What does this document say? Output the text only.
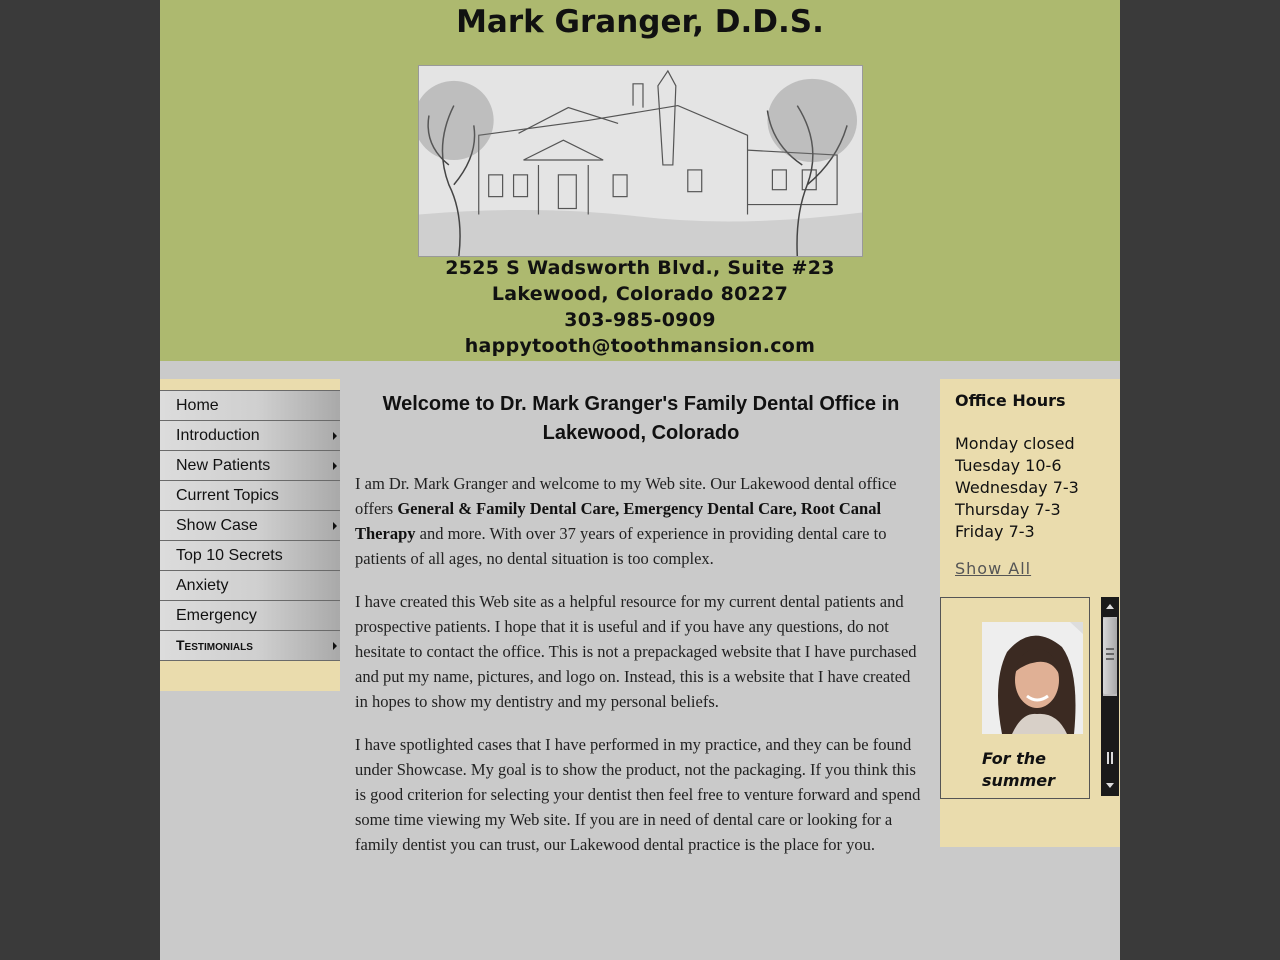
Mark Granger, D.D.S.
2525 S Wadsworth Blvd., Suite #23
Lakewood, Colorado 80227
303-985-0909
happytooth@toothmansion.com
Home
Introduction
New Patients
Current Topics
Show Case
Top 10 Secrets
Anxiety
Emergency
Testimonials
Welcome to Dr. Mark Granger's Family Dental Office in Lakewood, Colorado

I am Dr. Mark Granger and welcome to my Web site. Our Lakewood dental office offers General & Family Dental Care, Emergency Dental Care, Root Canal Therapy and more. With over 37 years of experience in providing dental care to patients of all ages, no dental situation is too complex.

I have created this Web site as a helpful resource for my current dental patients and prospective patients. I hope that it is useful and if you have any questions, do not hesitate to contact the office. This is not a prepackaged website that I have purchased and put my name, pictures, and logo on. Instead, this is a website that I have created in hopes to show my dentistry and my personal beliefs.

I have spotlighted cases that I have performed in my practice, and they can be found under Showcase. My goal is to show the product, not the packaging. If you think this is good criterion for selecting your dentist then feel free to venture forward and spend some time viewing my Web site. If you are in need of dental care or looking for a family dentist you can trust, our Lakewood dental practice is the place for you.

Office Hours
Monday closed
Tuesday 10-6
Wednesday 7-3
Thursday 7-3
Friday 7-3
Show All
For the summer
